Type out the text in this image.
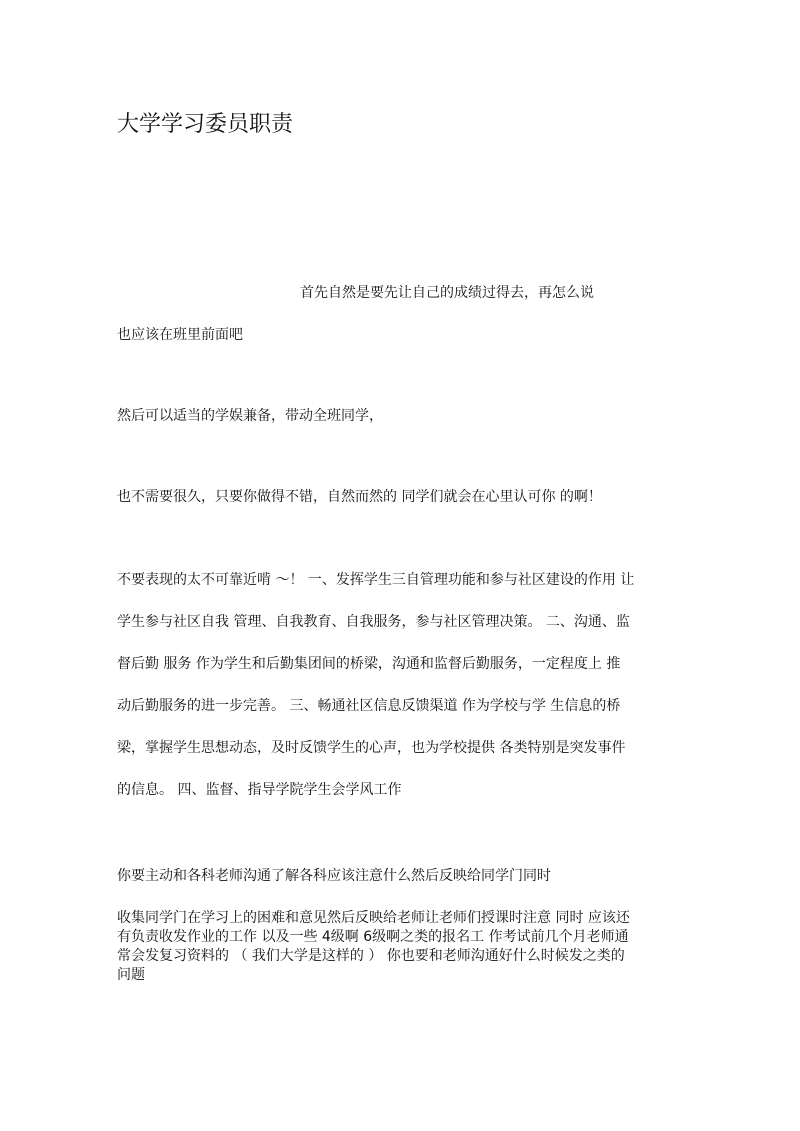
大学学习委员职责
首先自然是要先让自己的成绩过得去，再怎么说
也应该在班里前面吧
然后可以适当的学娱兼备，带动全班同学，
也不需要很久，只要你做得不错，自然而然的 同学们就会在心里认可你 的啊！
不要表现的太不可靠近啃 ～！ 一、发挥学生三自管理功能和参与社区建设的作用 让
学生参与社区自我 管理、自我教育、自我服务，参与社区管理决策。 二、沟通、监
督后勤 服务 作为学生和后勤集团间的桥梁，沟通和监督后勤服务，一定程度上 推
动后勤服务的进一步完善。 三、畅通社区信息反馈渠道 作为学校与学 生信息的桥
梁，掌握学生思想动态，及时反馈学生的心声，也为学校提供 各类特别是突发事件
的信息。 四、监督、指导学院学生会学风工作
你要主动和各科老师沟通了解各科应该注意什么然后反映给同学门同时

收集同学门在学习上的困难和意见然后反映给老师让老师们授课时注意 同时 应该还

有负责收发作业的工作 以及一些 4级啊 6级啊之类的报名工 作考试前几个月老师通

常会发复习资料的 （ 我们大学是这样的 ） 你也要和老师沟通好什么时候发之类的

问题
